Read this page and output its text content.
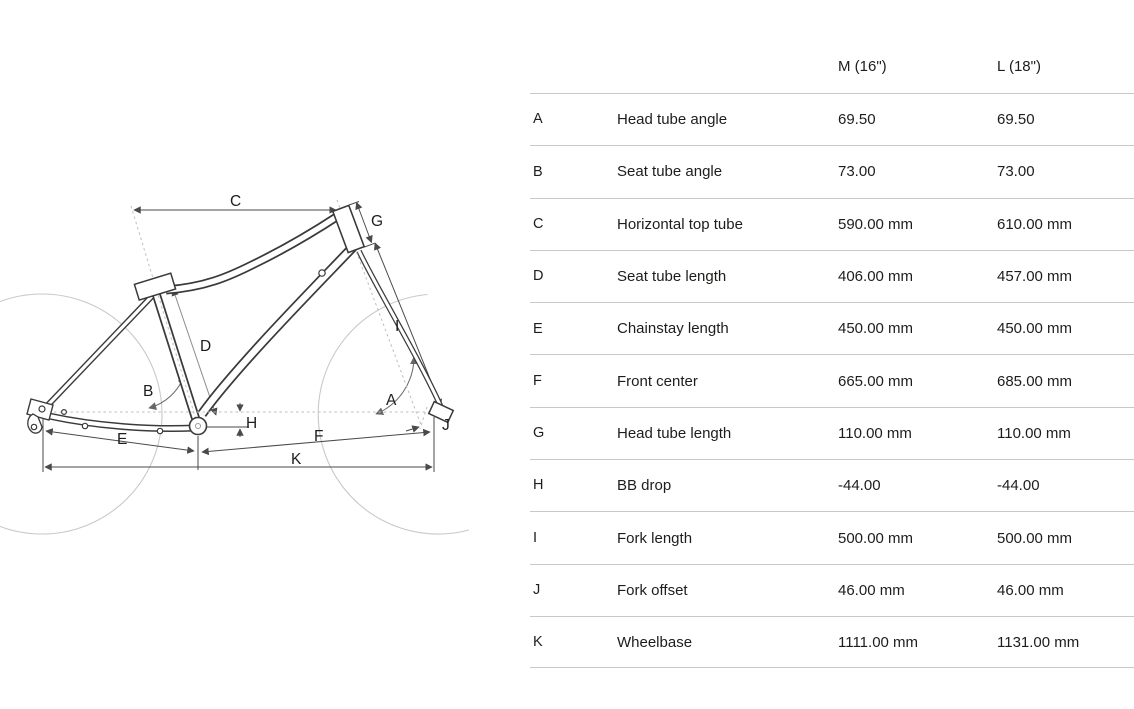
C
G
D
B
H
E	F
K
A
I
J
M (16")	L (18")
A	Head tube angle	69.50	69.50
B	Seat tube angle	73.00	73.00
C	Horizontal top tube	590.00 mm	610.00 mm
D	Seat tube length	406.00 mm	457.00 mm
E	Chainstay length	450.00 mm	450.00 mm
F	Front center	665.00 mm	685.00 mm
G	Head tube length	110.00 mm	110.00 mm
H	BB drop	-44.00	-44.00
I	Fork length	500.00 mm	500.00 mm
J	Fork offset	46.00 mm	46.00 mm
K	Wheelbase	1111.00 mm	1131.00 mm
